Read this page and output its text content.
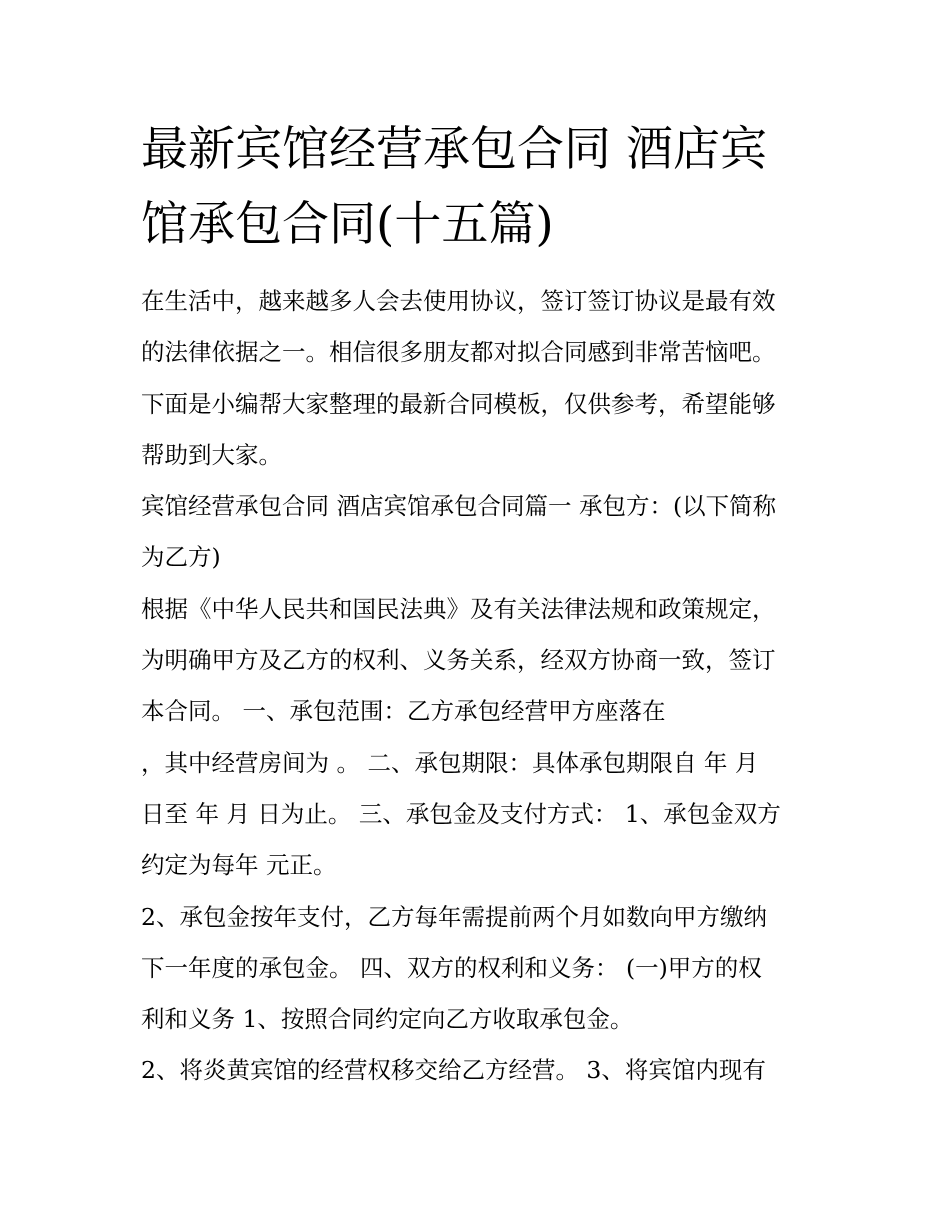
最新宾馆经营承包合同 酒店宾
馆承包合同(十五篇)
在生活中，越来越多人会去使用协议，签订签订协议是最有效
的法律依据之一。相信很多朋友都对拟合同感到非常苦恼吧。
下面是小编帮大家整理的最新合同模板，仅供参考，希望能够
帮助到大家。
宾馆经营承包合同 酒店宾馆承包合同篇一 承包方：(以下简称
为乙方)
根据《中华人民共和国民法典》及有关法律法规和政策规定，
为明确甲方及乙方的权利、义务关系，经双方协商一致，签订
本合同。 一、承包范围：乙方承包经营甲方座落在
，其中经营房间为 。 二、承包期限：具体承包期限自 年 月
日至 年 月 日为止。 三、承包金及支付方式： 1、承包金双方
约定为每年 元正。
2、承包金按年支付，乙方每年需提前两个月如数向甲方缴纳
下一年度的承包金。 四、双方的权利和义务： (一)甲方的权
利和义务 1、按照合同约定向乙方收取承包金。
2、将炎黄宾馆的经营权移交给乙方经营。 3、将宾馆内现有
